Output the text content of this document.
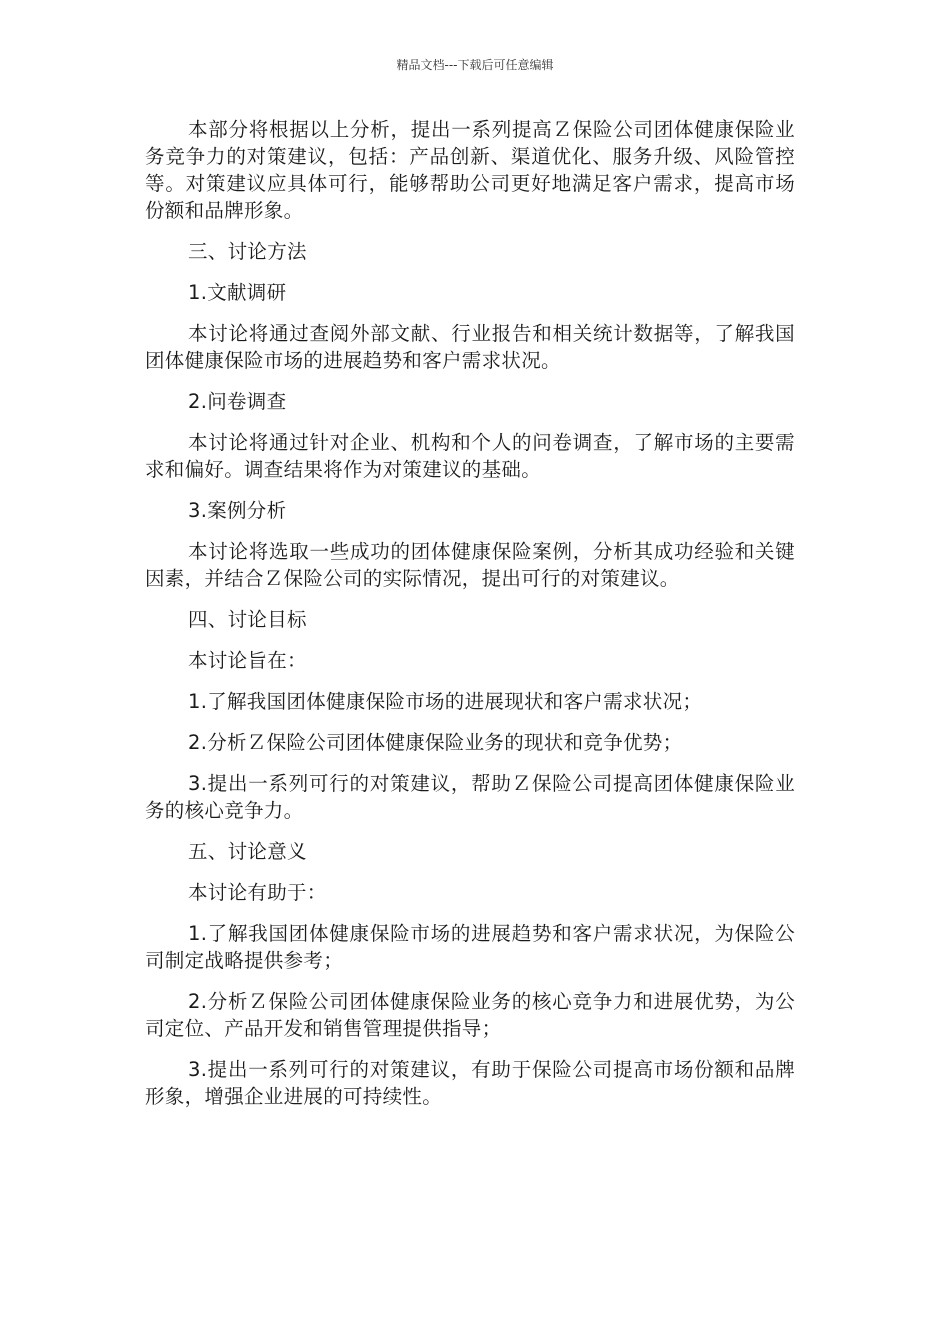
精品文档---下载后可任意编辑

本部分将根据以上分析，提出一系列提高Ｚ保险公司团体健康保险业务竞争力的对策建议，包括：产品创新、渠道优化、服务升级、风险管控等。对策建议应具体可行，能够帮助公司更好地满足客户需求，提高市场份额和品牌形象。

三、讨论方法

1.文献调研

本讨论将通过查阅外部文献、行业报告和相关统计数据等，了解我国团体健康保险市场的进展趋势和客户需求状况。

2.问卷调查

本讨论将通过针对企业、机构和个人的问卷调查，了解市场的主要需求和偏好。调查结果将作为对策建议的基础。

3.案例分析

本讨论将选取一些成功的团体健康保险案例，分析其成功经验和关键因素，并结合Ｚ保险公司的实际情况，提出可行的对策建议。

四、讨论目标

本讨论旨在：

1.了解我国团体健康保险市场的进展现状和客户需求状况；

2.分析Ｚ保险公司团体健康保险业务的现状和竞争优势；

3.提出一系列可行的对策建议，帮助Ｚ保险公司提高团体健康保险业务的核心竞争力。

五、讨论意义

本讨论有助于：

1.了解我国团体健康保险市场的进展趋势和客户需求状况，为保险公司制定战略提供参考；

2.分析Ｚ保险公司团体健康保险业务的核心竞争力和进展优势，为公司定位、产品开发和销售管理提供指导；

3.提出一系列可行的对策建议，有助于保险公司提高市场份额和品牌形象，增强企业进展的可持续性。
